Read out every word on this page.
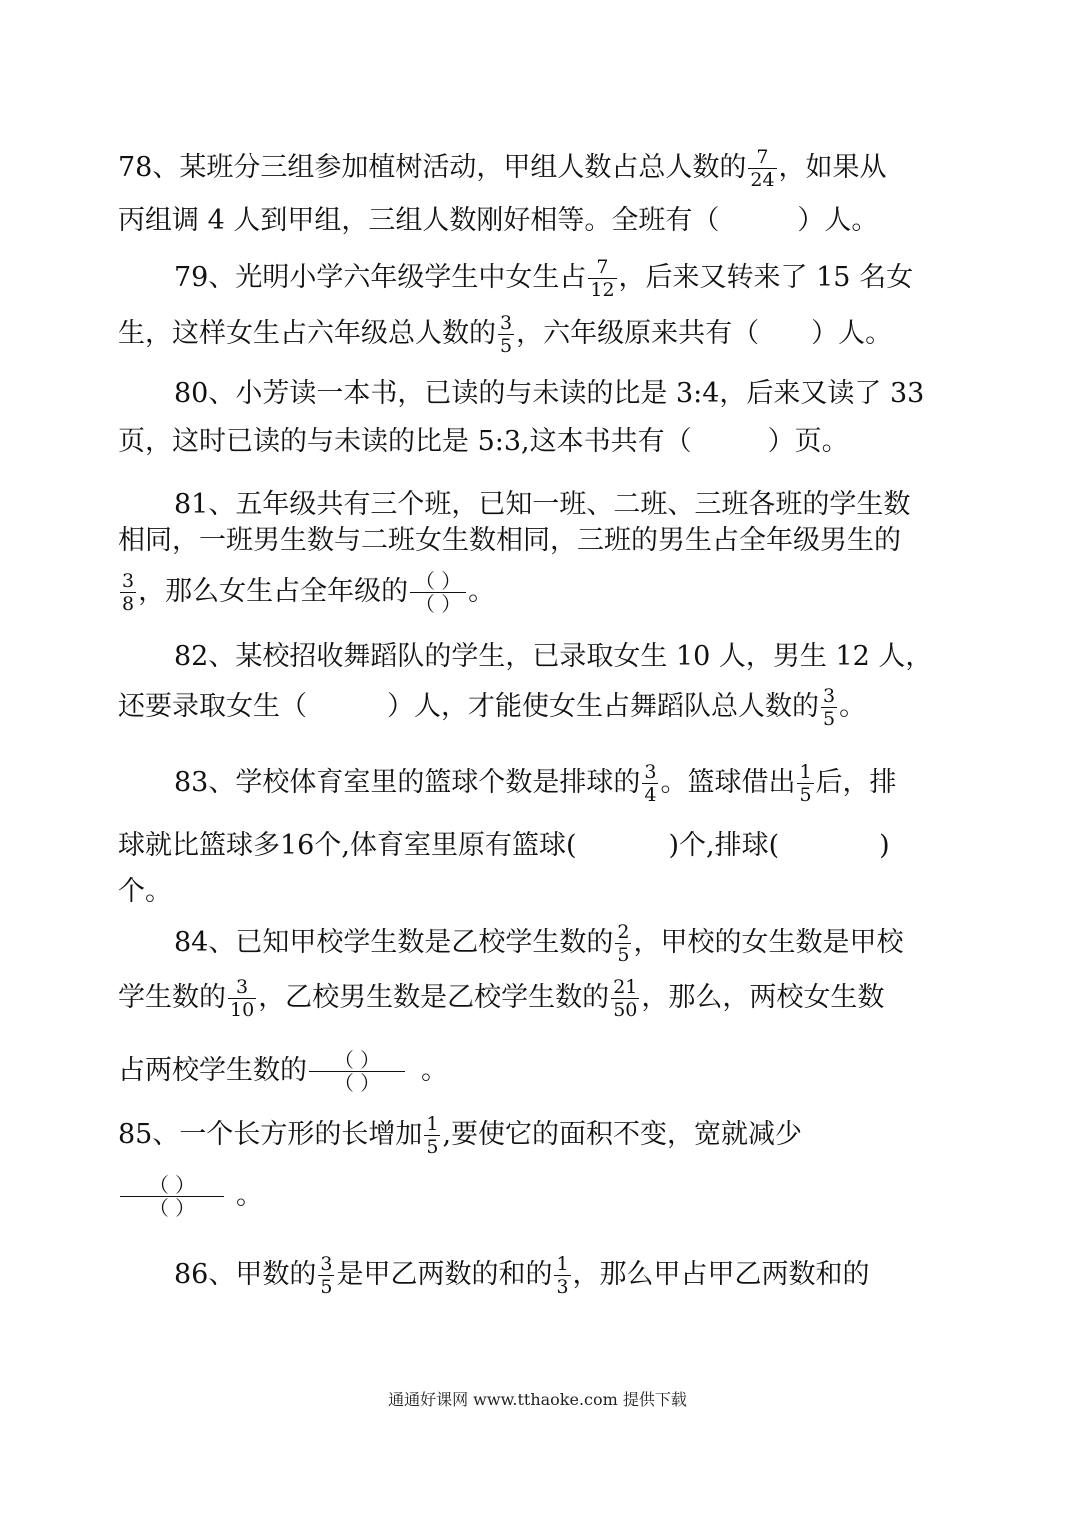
78、某班分三组参加植树活动，甲组人数占总人数的 $\frac{7}{24}$ ，如果从
丙组调 4 人到甲组，三组人数刚好相等。全班有（	）人。
79、光明小学六年级学生中女生占 $\frac{7}{12}$ ，后来又转来了 15 名女
生，这样女生占六年级总人数的 $\frac{3}{5}$ ，六年级原来共有（ ）人。
80、小芳读一本书，已读的与未读的比是 3:4，后来又读了 33
页，这时已读的与未读的比是 5:3,这本书共有（	）页。
81、五年级共有三个班，已知一班、二班、三班各班的学生数
相同，一班男生数与二班女生数相同，三班的男生占全年级男生的
$\frac{3}{8}$ ，那么女生占全年级的 $\frac{( )}{( )}$ 。
82、某校招收舞蹈队的学生，已录取女生 10 人，男生 12 人，
还要录取女生（	）人，才能使女生占舞蹈队总人数的 $\frac{3}{5}$ 。
83、学校体育室里的篮球个数是排球的 $\frac{3}{4}$ 。篮球借出 $\frac{1}{5}$ 后，排
球就比篮球多16个,体育室里原有篮球(	)个,排球(	)
个。
84、已知甲校学生数是乙校学生数的 $\frac{2}{5}$ ，甲校的女生数是甲校
学生数的 $\frac{3}{10}$ ，乙校男生数是乙校学生数的 $\frac{21}{50}$ ，那么，两校女生数
占两校学生数的 $\frac{( )}{( )}$ 。
85、一个长方形的长增加 $\frac{1}{5}$ ,要使它的面积不变，宽就减少
$\frac{( )}{( )}$ 。
86、甲数的 $\frac{3}{5}$ 是甲乙两数的和的 $\frac{1}{3}$ ，那么甲占甲乙两数和的
通通好课网 www.tthaoke.com 提供下载
